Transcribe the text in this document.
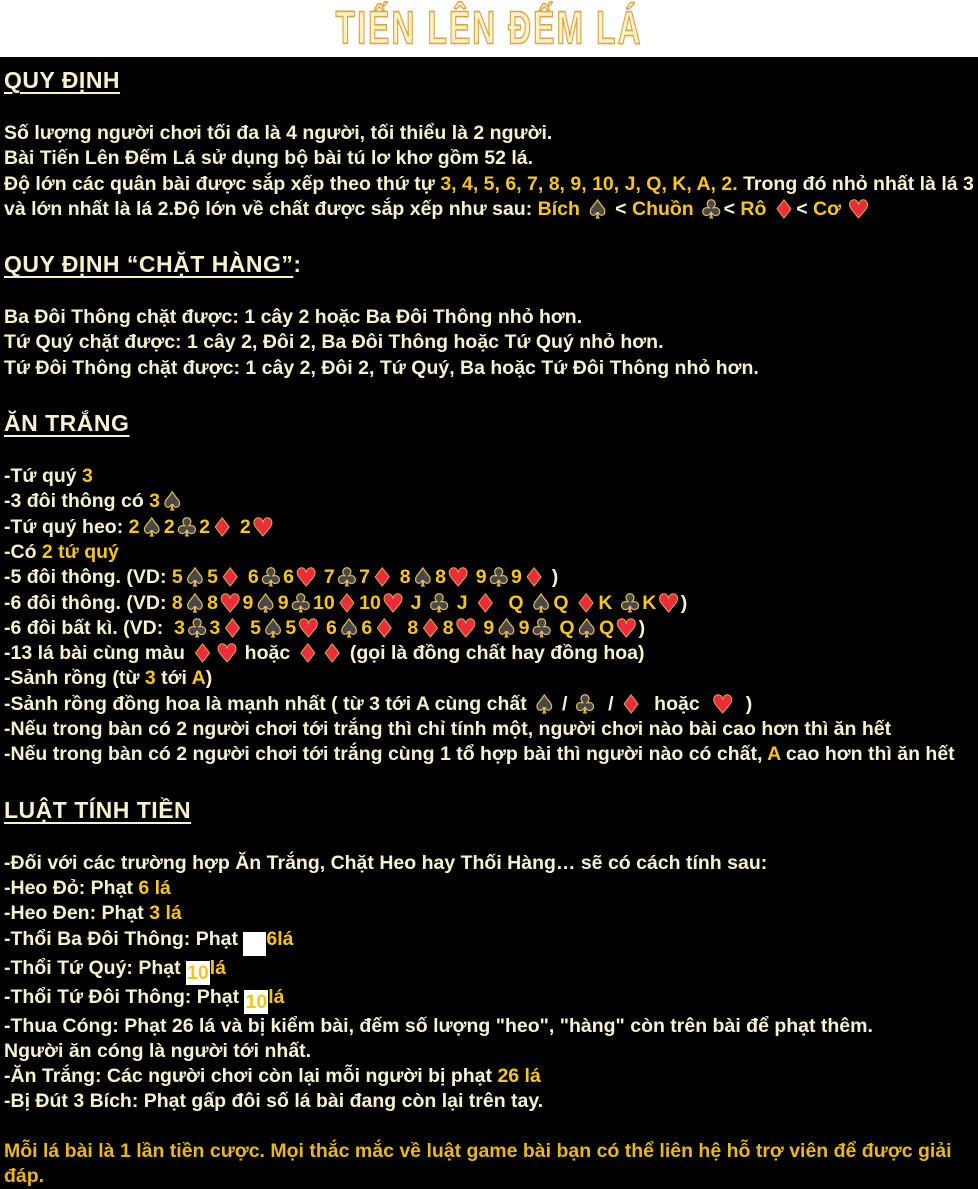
TIẾN LÊN ĐẾM LÁ
QUY ĐỊNH
Số lượng người chơi tối đa là 4 người, tối thiểu là 2 người.
Bài Tiến Lên Đếm Lá sử dụng bộ bài tú lơ khơ gồm 52 lá.
Độ lớn các quân bài được sắp xếp theo thứ tự 3, 4, 5, 6, 7, 8, 9, 10, J, Q, K, A, 2. Trong đó nhỏ nhất là lá 3
và lớn nhất là lá 2.Độ lớn về chất được sắp xếp như sau: Bích ♠ < Chuồn ♣< Rô ♦< Cơ ♥
QUY ĐỊNH “CHẶT HÀNG”:
Ba Đôi Thông chặt được: 1 cây 2 hoặc Ba Đôi Thông nhỏ hơn.
Tứ Quý chặt được: 1 cây 2, Đôi 2, Ba Đôi Thông hoặc Tứ Quý nhỏ hơn.
Tứ Đôi Thông chặt được: 1 cây 2, Đôi 2, Tứ Quý, Ba hoặc Tứ Đôi Thông nhỏ hơn.
ĂN TRẮNG
-Tứ quý 3
-3 đôi thông có 3♠
-Tứ quý heo: 2♠2♣2♦ 2♥
-Có 2 tứ quý
-5 đôi thông. (VD: 5♠5♦ 6♣6♥ 7♣7♦ 8♠8♥ 9♣9♦ )
-6 đôi thông. (VD: 8♠8♥9♠9♣10♦10♥ J ♣ J ♦  Q ♠Q ♦K ♣K♥)
-6 đôi bất kì. (VD:  3♣3♦ 5♠5♥ 6♠6♦  8♦8♥ 9♠9♣ Q♠Q♥)
-13 lá bài cùng màu ♦♥ hoặc ♦♦ (gọi là đồng chất hay đồng hoa)
-Sảnh rồng (từ 3 tới A)
-Sảnh rồng đồng hoa là mạnh nhất ( từ 3 tới A cùng chất ♠ / ♣  / ♦  hoặc  ♥  )
-Nếu trong bàn có 2 người chơi tới trắng thì chỉ tính một, người chơi nào bài cao hơn thì ăn hết
-Nếu trong bàn có 2 người chơi tới trắng cùng 1 tổ hợp bài thì người nào có chất, A cao hơn thì ăn hết
LUẬT TÍNH TIỀN
-Đối với các trường hợp Ăn Trắng, Chặt Heo hay Thối Hàng… sẽ có cách tính sau:
-Heo Đỏ: Phạt 6 lá
-Heo Đen: Phạt 3 lá
-Thổi Ba Đôi Thông: Phạt  6lá
-Thổi Tứ Quý: Phạt 10lá
-Thổi Tứ Đôi Thông: Phạt 10lá
-Thua Cóng: Phạt 26 lá và bị kiểm bài, đếm số lượng "heo", "hàng" còn trên bài để phạt thêm.
Người ăn cóng là người tới nhất.
-Ăn Trắng: Các người chơi còn lại mỗi người bị phạt 26 lá
-Bị Đút 3 Bích: Phạt gấp đôi số lá bài đang còn lại trên tay.

Mỗi lá bài là 1 lần tiền cược. Mọi thắc mắc về luật game bài bạn có thể liên hệ hỗ trợ viên để được giải đáp.
